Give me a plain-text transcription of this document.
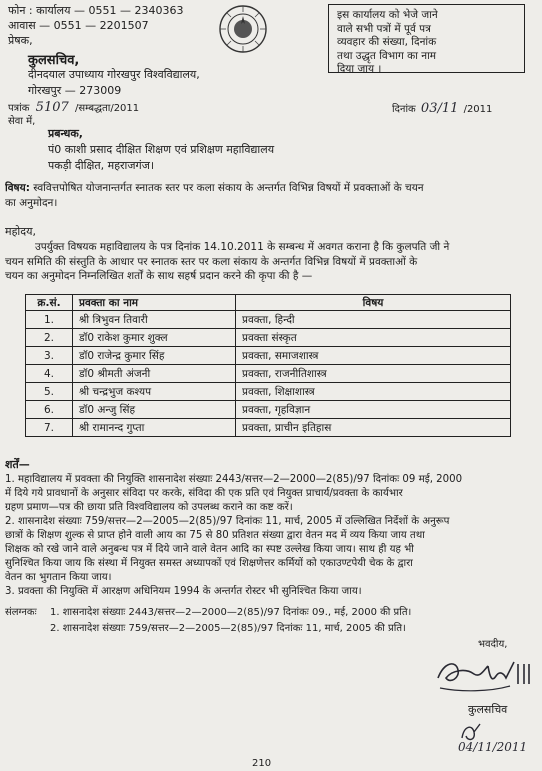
फोन : कार्यालय — 0551 — 2340363
आवास — 0551 — 2201507
प्रेषक,
कुलसचिव,
दीनदयाल उपाध्याय गोरखपुर विश्वविद्यालय,
गोरखपुर — 273009
इस कार्यालय को भेजे जाने
वाले सभी पत्रों में पूर्व पत्र
व्यवहार की संख्या, दिनांक
तथा उद्धृत विभाग का नाम
दिया जाय ।
पत्रांक 5107 /सम्बद्धता/2011
सेवा में,
दिनांक 03/11 /2011
प्रबन्धक,
पं0 काशी प्रसाद दीक्षित शिक्षण एवं प्रशिक्षण महाविद्यालय
पकड़ी दीक्षित, महराजगंज।
विषय: स्ववित्तपोषित योजनान्तर्गत स्नातक स्तर पर कला संकाय के अन्तर्गत विभिन्न विषयों में प्रवक्ताओं के चयन
का अनुमोदन।
महोदय,
उपर्युक्त विषयक महाविद्यालय के पत्र दिनांक 14.10.2011 के सम्बन्ध में अवगत कराना है कि कुलपति जी ने
चयन समिति की संस्तुति के आधार पर स्नातक स्तर पर कला संकाय के अन्तर्गत विभिन्न विषयों में प्रवक्ताओं के
चयन का अनुमोदन निम्नलिखित शर्तों के साथ सहर्ष प्रदान करने की कृपा की है —
क्र.सं.	प्रवक्ता का नाम	विषय
1.	श्री त्रिभुवन तिवारी	प्रवक्ता, हिन्दी
2.	डॉ0 राकेश कुमार शुक्ल	प्रवक्ता संस्कृत
3.	डॉ0 राजेन्द्र कुमार सिंह	प्रवक्ता, समाजशास्त्र
4.	डॉ0 श्रीमती अंजनी	प्रवक्ता, राजनीतिशास्त्र
5.	श्री चन्द्रभुज कश्यप	प्रवक्ता, शिक्षाशास्त्र
6.	डॉ0 अन्जु सिंह	प्रवक्ता, गृहविज्ञान
7.	श्री रामानन्द गुप्ता	प्रवक्ता, प्राचीन इतिहास
शर्तें—
1. महाविद्यालय में प्रवक्ता की नियुक्ति शासनादेश संख्याः 2443/सत्तर—2—2000—2(85)/97 दिनांकः 09 मई, 2000
में दिये गये प्रावधानों के अनुसार संविदा पर करके, संविदा की एक प्रति एवं नियुक्त प्राचार्य/प्रवक्ता के कार्यभार
ग्रहण प्रमाण—पत्र की छाया प्रति विश्वविद्यालय को उपलब्ध कराने का कष्ट करें।
2. शासनादेश संख्याः 759/सत्तर—2—2005—2(85)/97 दिनांकः 11, मार्च, 2005 में उल्लिखित निर्देशों के अनुरूप
छात्रों के शिक्षण शुल्क से प्राप्त होने वाली आय का 75 से 80 प्रतिशत संख्या द्वारा वेतन मद में व्यय किया जाय तथा
शिक्षक को रखे जाने वाले अनुबन्ध पत्र में दिये जाने वाले वेतन आदि का स्पष्ट उल्लेख किया जाय। साथ ही यह भी
सुनिश्चित किया जाय कि संस्था में नियुक्त समस्त अध्यापकों एवं शिक्षणेत्तर कर्मियों को एकाउण्टपेयी चेक के द्वारा
वेतन का भुगतान किया जाय।
3. प्रवक्ता की नियुक्ति में आरक्षण अधिनियम 1994 के अन्तर्गत रोस्टर भी सुनिश्चित किया जाय।
संलग्नकः 1. शासनादेश संख्याः 2443/सत्तर—2—2000—2(85)/97 दिनांकः 09., मई, 2000 की प्रति।
2. शासनादेश संख्याः 759/सत्तर—2—2005—2(85)/97 दिनांकः 11, मार्च, 2005 की प्रति।
भवदीय,
कुलसचिव
04/11/2011
210
